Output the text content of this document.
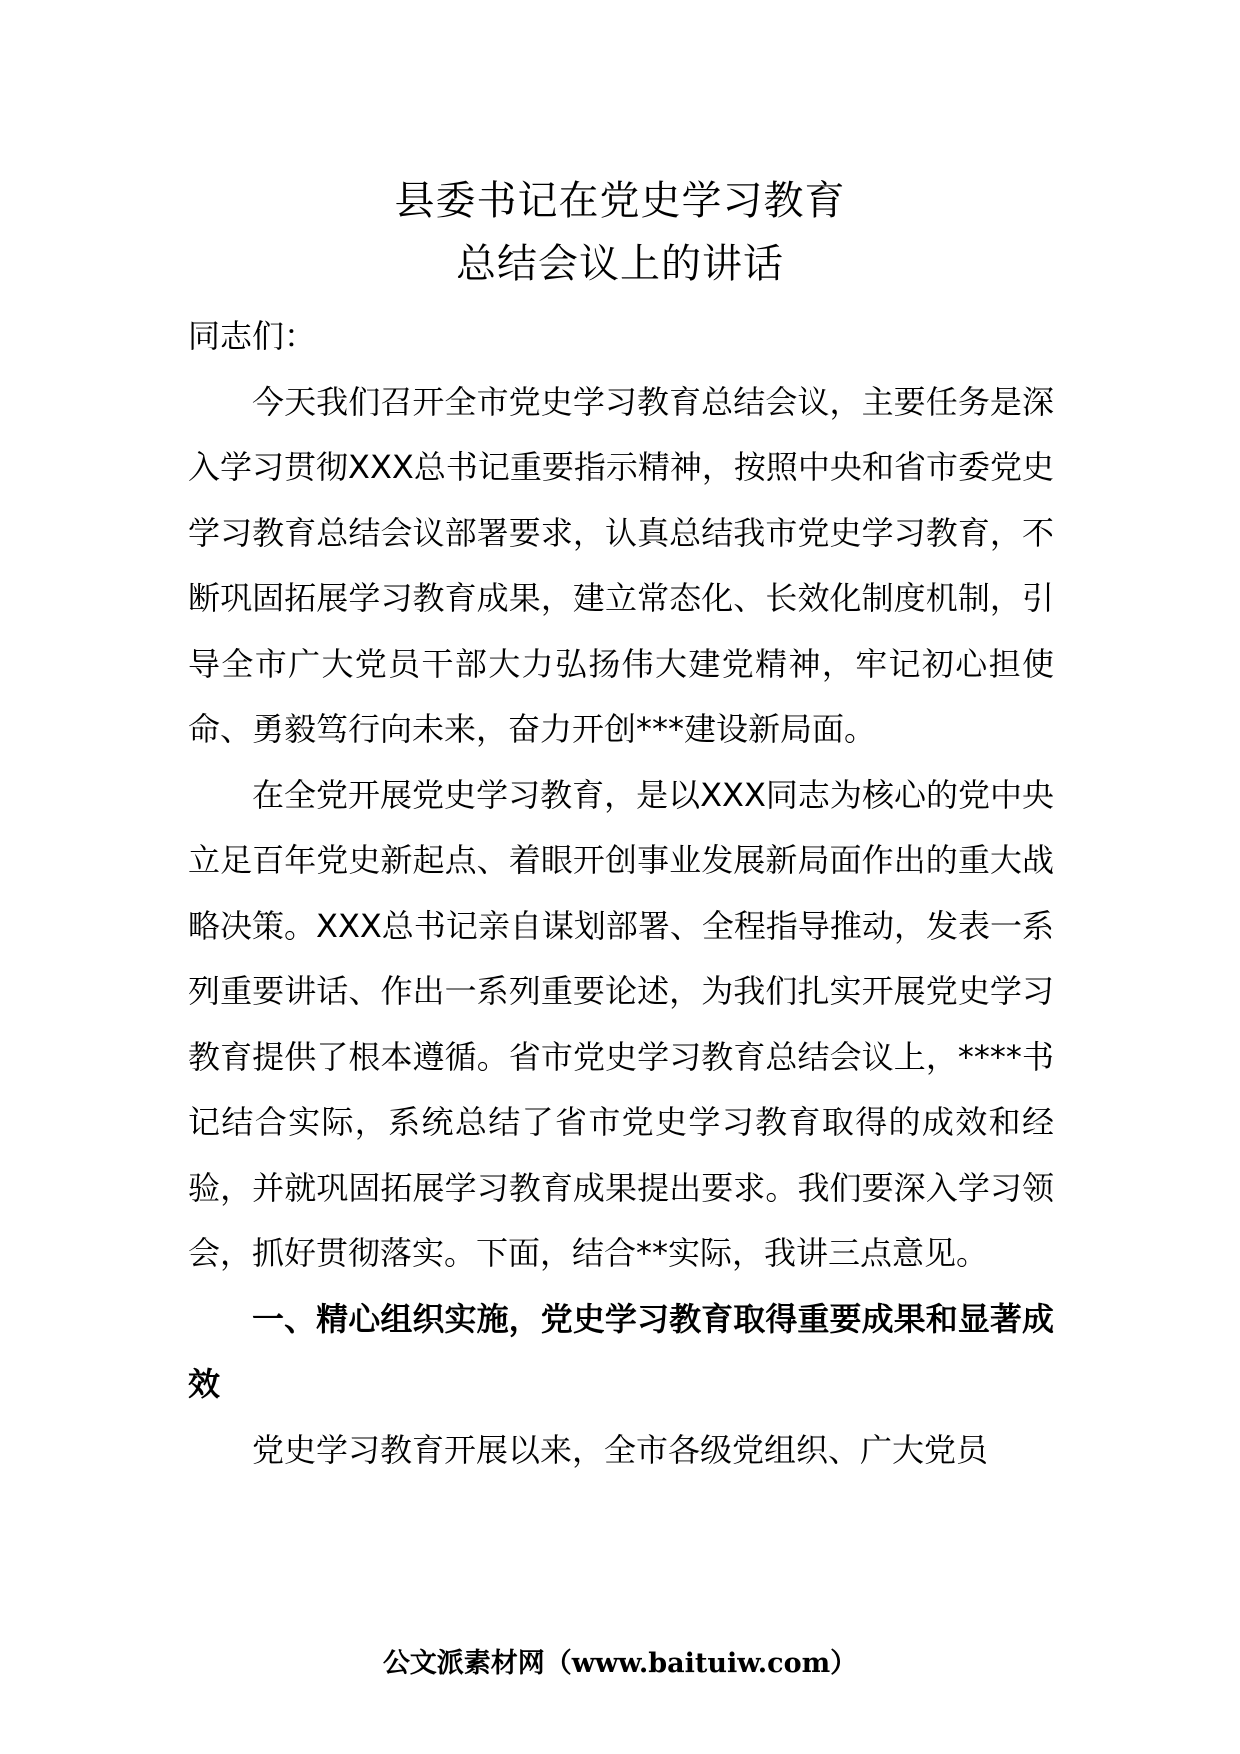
县委书记在党史学习教育
总结会议上的讲话

同志们：

今天我们召开全市党史学习教育总结会议，主要任务是深入学习贯彻XXX总书记重要指示精神，按照中央和省市委党史学习教育总结会议部署要求，认真总结我市党史学习教育，不断巩固拓展学习教育成果，建立常态化、长效化制度机制，引导全市广大党员干部大力弘扬伟大建党精神，牢记初心担使命、勇毅笃行向未来，奋力开创***建设新局面。

在全党开展党史学习教育，是以XXX同志为核心的党中央立足百年党史新起点、着眼开创事业发展新局面作出的重大战略决策。XXX总书记亲自谋划部署、全程指导推动，发表一系列重要讲话、作出一系列重要论述，为我们扎实开展党史学习教育提供了根本遵循。省市党史学习教育总结会议上，****书记结合实际，系统总结了省市党史学习教育取得的成效和经验，并就巩固拓展学习教育成果提出要求。我们要深入学习领会，抓好贯彻落实。下面，结合**实际，我讲三点意见。

一、精心组织实施，党史学习教育取得重要成果和显著成效

党史学习教育开展以来，全市各级党组织、广大党员

公文派素材网（www.baituiw.com）
